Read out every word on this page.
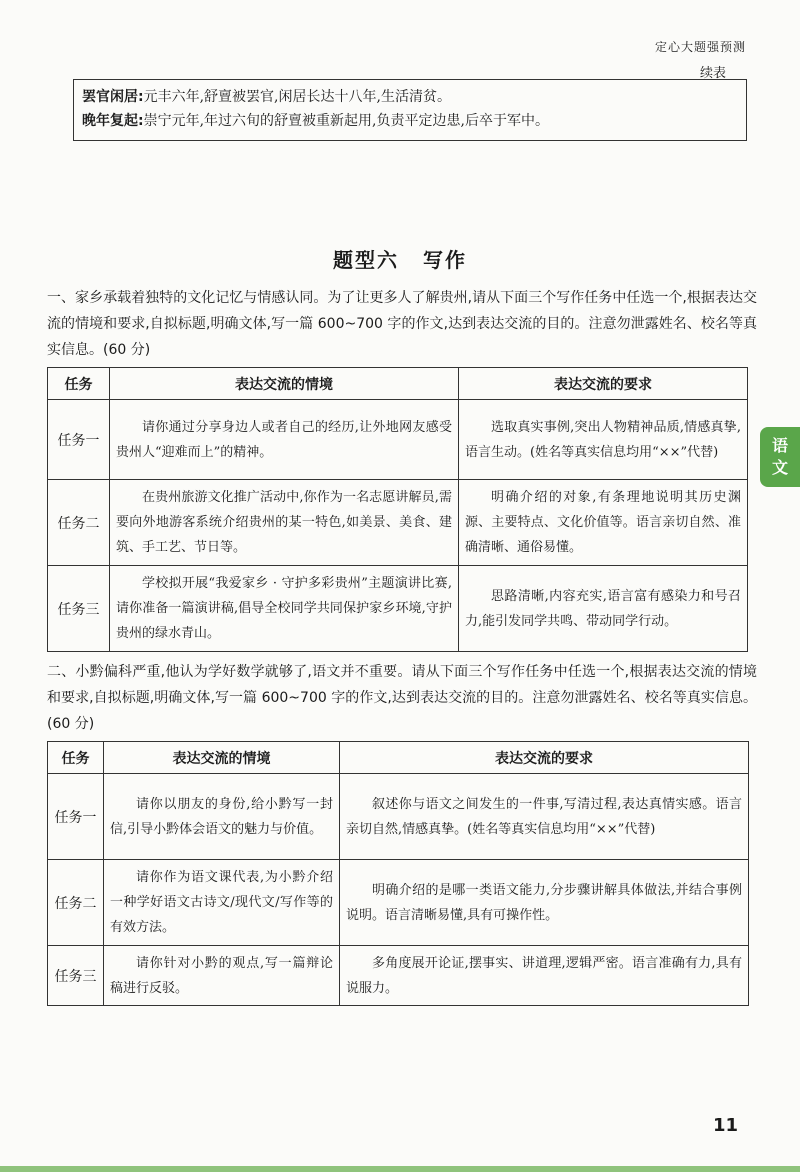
定心大题强预测
续表
罢官闲居:元丰六年,舒亶被罢官,闲居长达十八年,生活清贫。
晚年复起:崇宁元年,年过六旬的舒亶被重新起用,负责平定边患,后卒于军中。
题型六 写作

一、家乡承载着独特的文化记忆与情感认同。为了让更多人了解贵州,请从下面三个写作任务中任选一个,根据表达交流的情境和要求,自拟标题,明确文体,写一篇 600~700 字的作文,达到表达交流的目的。注意勿泄露姓名、校名等真实信息。(60 分)

任务	表达交流的情境	表达交流的要求
任务一	请你通过分享身边人或者自己的经历,让外地网友感受贵州人“迎难而上”的精神。	选取真实事例,突出人物精神品质,情感真挚,语言生动。(姓名等真实信息均用“××”代替)
任务二	在贵州旅游文化推广活动中,你作为一名志愿讲解员,需要向外地游客系统介绍贵州的某一特色,如美景、美食、建筑、手工艺、节日等。	明确介绍的对象,有条理地说明其历史渊源、主要特点、文化价值等。语言亲切自然、准确清晰、通俗易懂。
任务三	学校拟开展“我爱家乡 · 守护多彩贵州”主题演讲比赛,请你准备一篇演讲稿,倡导全校同学共同保护家乡环境,守护贵州的绿水青山。	思路清晰,内容充实,语言富有感染力和号召力,能引发同学共鸣、带动同学行动。

二、小黔偏科严重,他认为学好数学就够了,语文并不重要。请从下面三个写作任务中任选一个,根据表达交流的情境和要求,自拟标题,明确文体,写一篇 600~700 字的作文,达到表达交流的目的。注意勿泄露姓名、校名等真实信息。(60 分)

任务	表达交流的情境	表达交流的要求
任务一	请你以朋友的身份,给小黔写一封信,引导小黔体会语文的魅力与价值。	叙述你与语文之间发生的一件事,写清过程,表达真情实感。语言亲切自然,情感真挚。(姓名等真实信息均用“××”代替)
任务二	请你作为语文课代表,为小黔介绍一种学好语文古诗文/现代文/写作等的有效方法。	明确介绍的是哪一类语文能力,分步骤讲解具体做法,并结合事例说明。语言清晰易懂,具有可操作性。
任务三	请你针对小黔的观点,写一篇辩论稿进行反驳。	多角度展开论证,摆事实、讲道理,逻辑严密。语言准确有力,具有说服力。
语
文
11
